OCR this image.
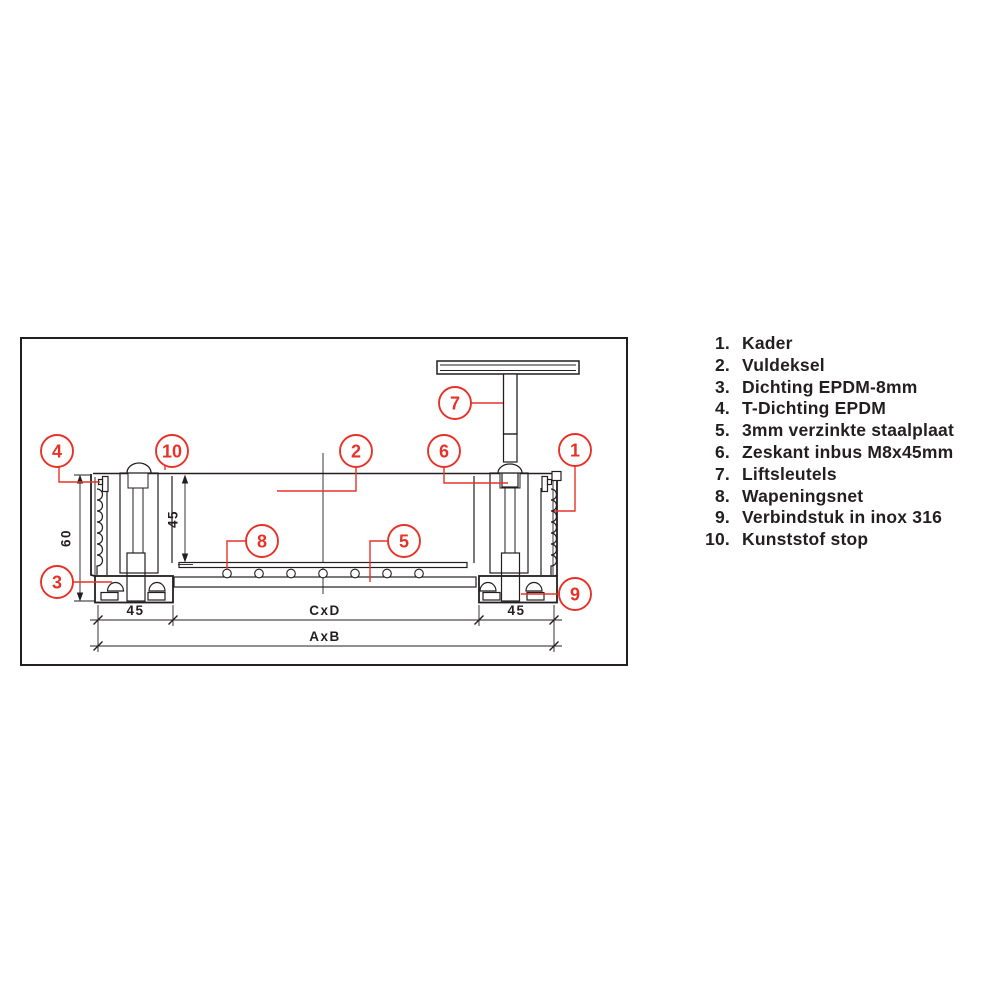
60
45
45	CxD	45
AxB
4	10	2	6	1
7
3
8	5
9
1. Kader
2. Vuldeksel
3. Dichting EPDM-8mm
4. T-Dichting EPDM
5. 3mm verzinkte staalplaat
6. Zeskant inbus M8x45mm
7. Liftsleutels
8. Wapeningsnet
9. Verbindstuk in inox 316
10. Kunststof stop
